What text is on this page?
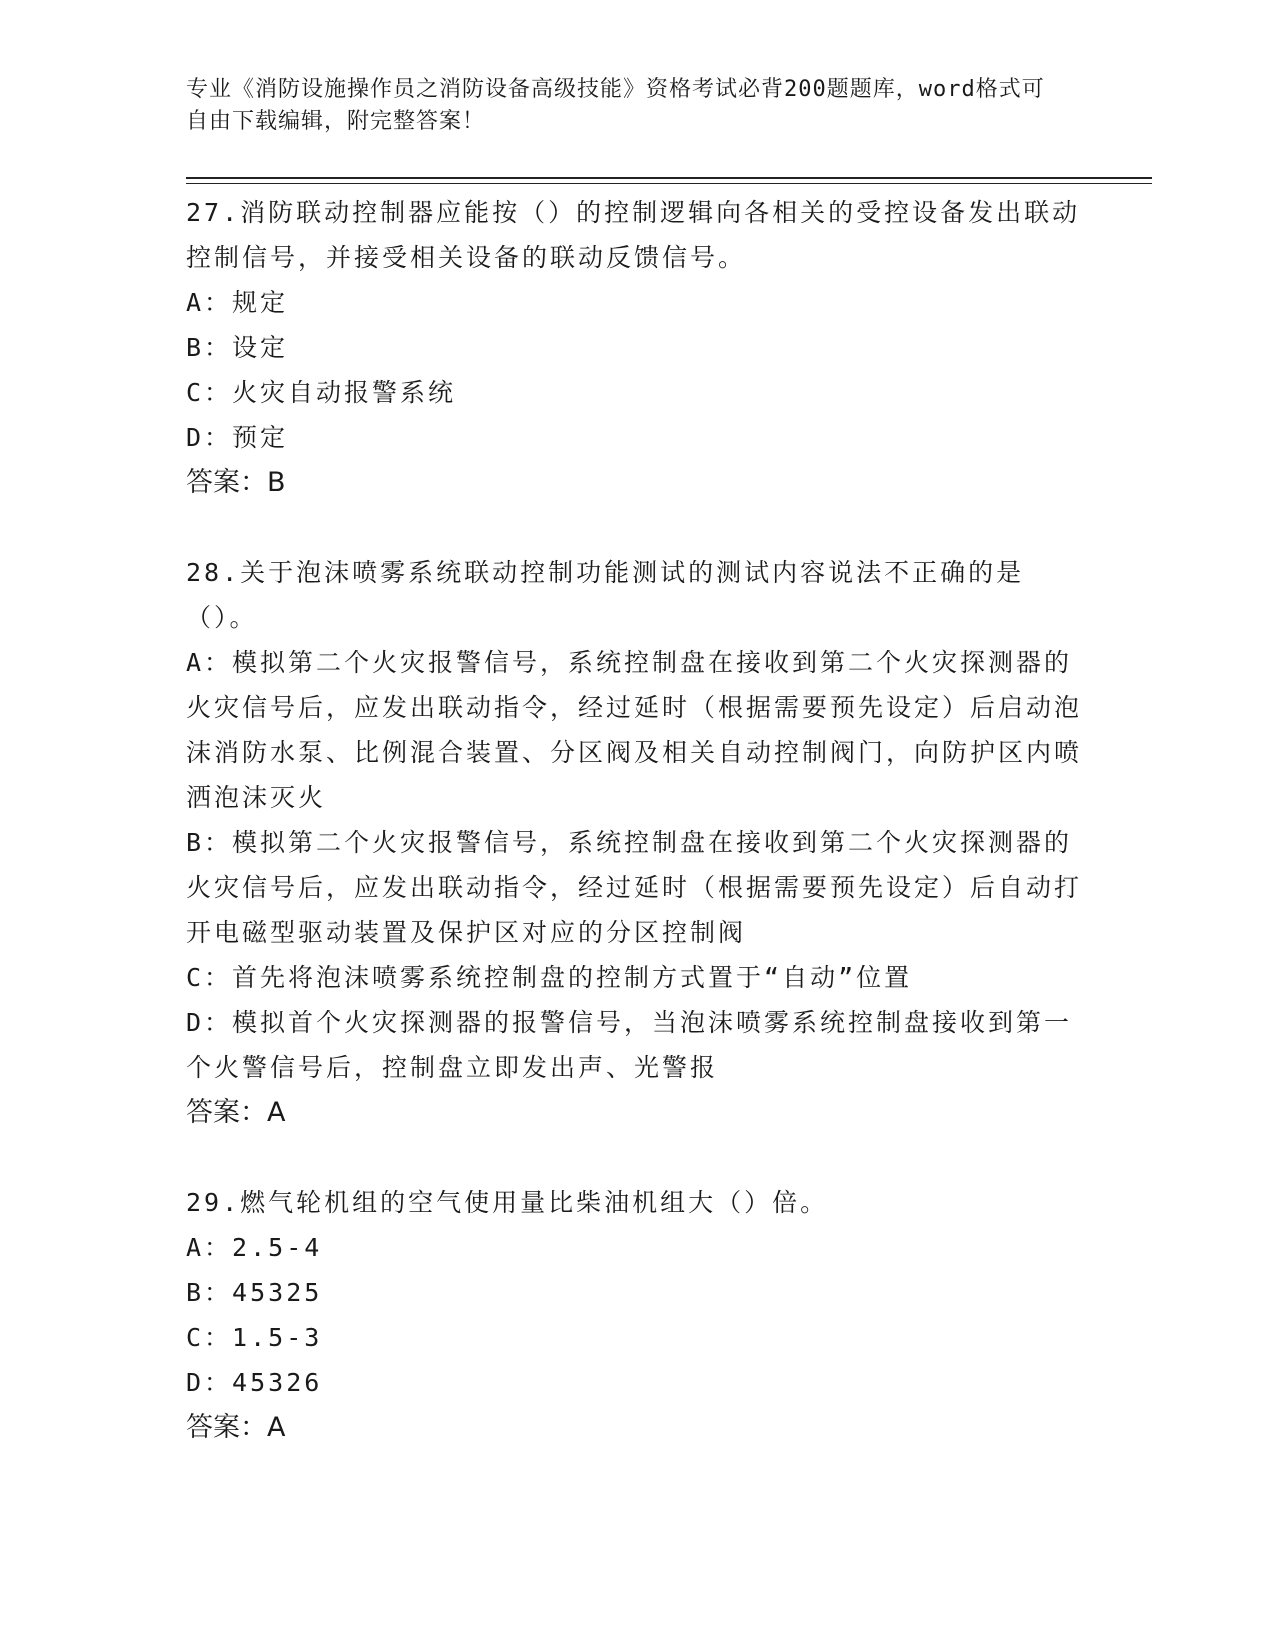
专业《消防设施操作员之消防设备高级技能》资格考试必背200题题库，word格式可自由下载编辑，附完整答案！

27.消防联动控制器应能按（）的控制逻辑向各相关的受控设备发出联动控制信号，并接受相关设备的联动反馈信号。

A：规定

B：设定

C：火灾自动报警系统

D：预定

答案：B

28.关于泡沫喷雾系统联动控制功能测试的测试内容说法不正确的是（）。

A：模拟第二个火灾报警信号，系统控制盘在接收到第二个火灾探测器的火灾信号后，应发出联动指令，经过延时（根据需要预先设定）后启动泡沫消防水泵、比例混合装置、分区阀及相关自动控制阀门，向防护区内喷洒泡沫灭火

B：模拟第二个火灾报警信号，系统控制盘在接收到第二个火灾探测器的火灾信号后，应发出联动指令，经过延时（根据需要预先设定）后自动打开电磁型驱动装置及保护区对应的分区控制阀

C：首先将泡沫喷雾系统控制盘的控制方式置于“自动”位置

D：模拟首个火灾探测器的报警信号，当泡沫喷雾系统控制盘接收到第一个火警信号后，控制盘立即发出声、光警报

答案：A

29.燃气轮机组的空气使用量比柴油机组大（）倍。

A：2.5-4

B：45325

C：1.5-3

D：45326

答案：A
